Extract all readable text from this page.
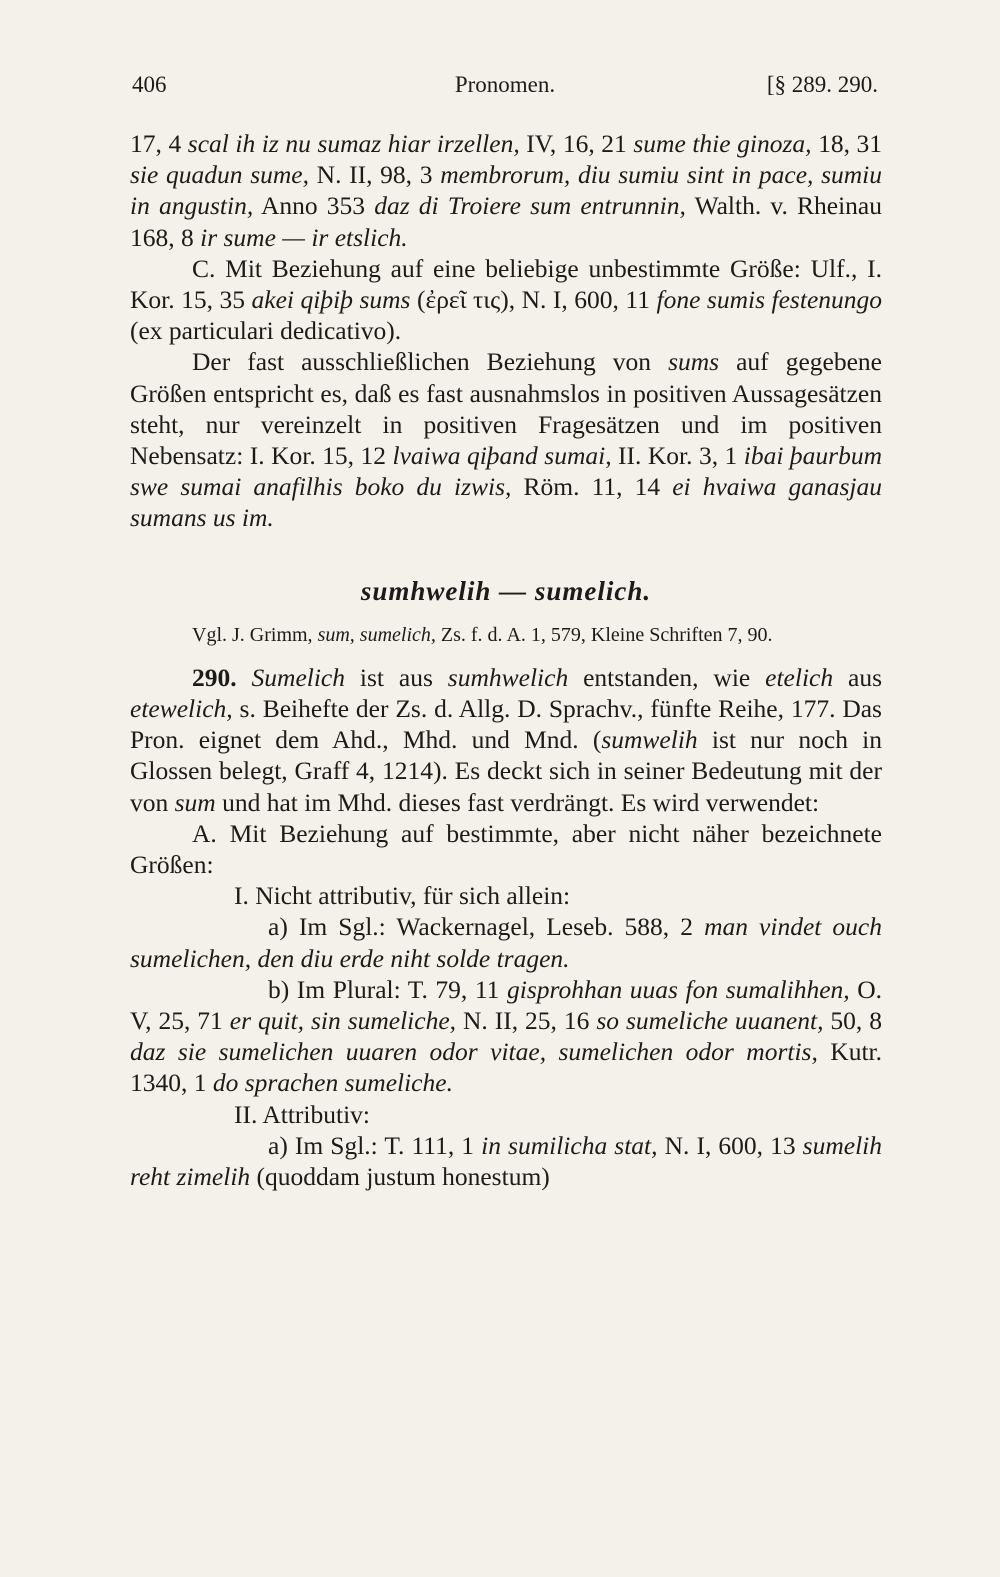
406	Pronomen.	[§ 289. 290.

17, 4 scal ih iz nu sumaz hiar irzellen, IV, 16, 21 sume thie ginoza, 18, 31 sie quadun sume, N. II, 98, 3 membrorum, diu sumiu sint in pace, sumiu in angustin, Anno 353 daz di Troiere sum entrunnin, Walth. v. Rheinau 168, 8 ir sume — ir etslich.

C. Mit Beziehung auf eine beliebige unbestimmte Größe: Ulf., I. Kor. 15, 35 akei qiþiþ sums (ἐρεῖ τις), N. I, 600, 11 fone sumis festenungo (ex particulari dedicativo).

Der fast ausschließlichen Beziehung von sums auf gegebene Größen entspricht es, daß es fast ausnahmslos in positiven Aussagesätzen steht, nur vereinzelt in positiven Fragesätzen und im positiven Nebensatz: I. Kor. 15, 12 lvaiwa qiþand sumai, II. Kor. 3, 1 ibai þaurbum swe sumai anafilhis boko du izwis, Röm. 11, 14 ei hvaiwa ganasjau sumans us im.

sumhwelih — sumelich.

Vgl. J. Grimm, sum, sumelich, Zs. f. d. A. 1, 579, Kleine Schriften 7, 90.

290. Sumelich ist aus sumhwelich entstanden, wie etelich aus etewelich, s. Beihefte der Zs. d. Allg. D. Sprachv., fünfte Reihe, 177. Das Pron. eignet dem Ahd., Mhd. und Mnd. (sumwelih ist nur noch in Glossen belegt, Graff 4, 1214). Es deckt sich in seiner Bedeutung mit der von sum und hat im Mhd. dieses fast verdrängt. Es wird verwendet:

A. Mit Beziehung auf bestimmte, aber nicht näher bezeichnete Größen:

I. Nicht attributiv, für sich allein:

a) Im Sgl.: Wackernagel, Leseb. 588, 2 man vindet ouch sumelichen, den diu erde niht solde tragen.

b) Im Plural: T. 79, 11 gisprohhan uuas fon sumalihhen, O. V, 25, 71 er quit, sin sumeliche, N. II, 25, 16 so sumeliche uuanent, 50, 8 daz sie sumelichen uuaren odor vitae, sumelichen odor mortis, Kutr. 1340, 1 do sprachen sumeliche.

II. Attributiv:

a) Im Sgl.: T. 111, 1 in sumilicha stat, N. I, 600, 13 sumelih reht zimelih (quoddam justum honestum)
